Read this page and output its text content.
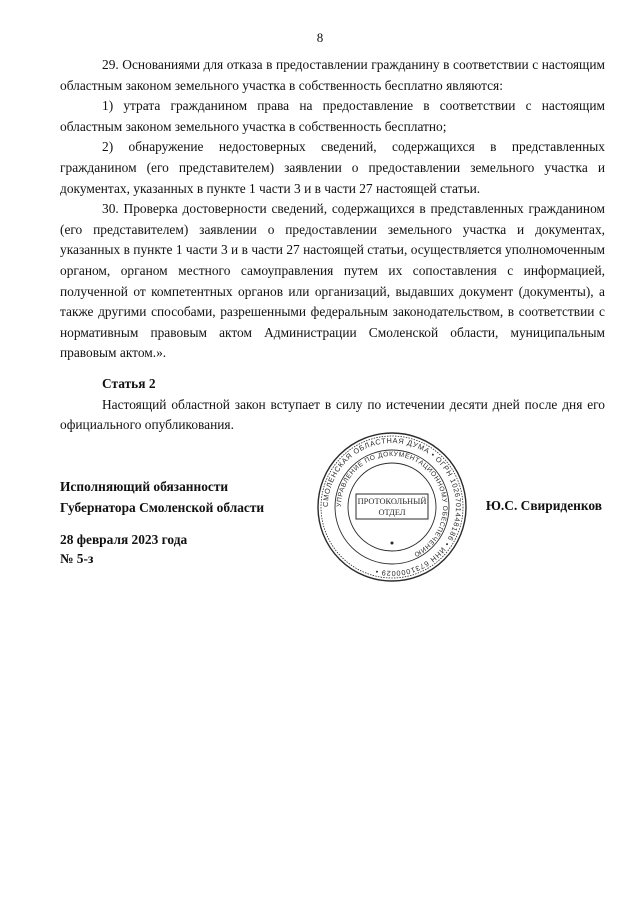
8

29. Основаниями для отказа в предоставлении гражданину в соответствии с настоящим областным законом земельного участка в собственность бесплатно являются:

1) утрата гражданином права на предоставление в соответствии с настоящим областным законом земельного участка в собственность бесплатно;

2) обнаружение недостоверных сведений, содержащихся в представленных гражданином (его представителем) заявлении о предоставлении земельного участка и документах, указанных в пункте 1 части 3 и в части 27 настоящей статьи.

30. Проверка достоверности сведений, содержащихся в представленных гражданином (его представителем) заявлении о предоставлении земельного участка и документах, указанных в пункте 1 части 3 и в части 27 настоящей статьи, осуществляется уполномоченным органом, органом местного самоуправления путем их сопоставления с информацией, полученной от компетентных органов или организаций, выдавших документ (документы), а также другими способами, разрешенными федеральным законодательством, в соответствии с нормативным правовым актом Администрации Смоленской области, муниципальным правовым актом.».

Статья 2

Настоящий областной закон вступает в силу по истечении десяти дней после дня его официального опубликования.

Исполняющий обязанности
Губернатора Смоленской области	Ю.С. Свириденков
28 февраля 2023 года
№ 5-з
СМОЛЕНСКАЯ ОБЛАСТНАЯ ДУМА • ОГРН 1026701448186 • ИНН 6731000029 •
УПРАВЛЕНИЕ ПО ДОКУМЕНТАЦИОННОМУ ОБЕСПЕЧЕНИЮ
ПРОТОКОЛЬНЫЙ
ОТДЕЛ
